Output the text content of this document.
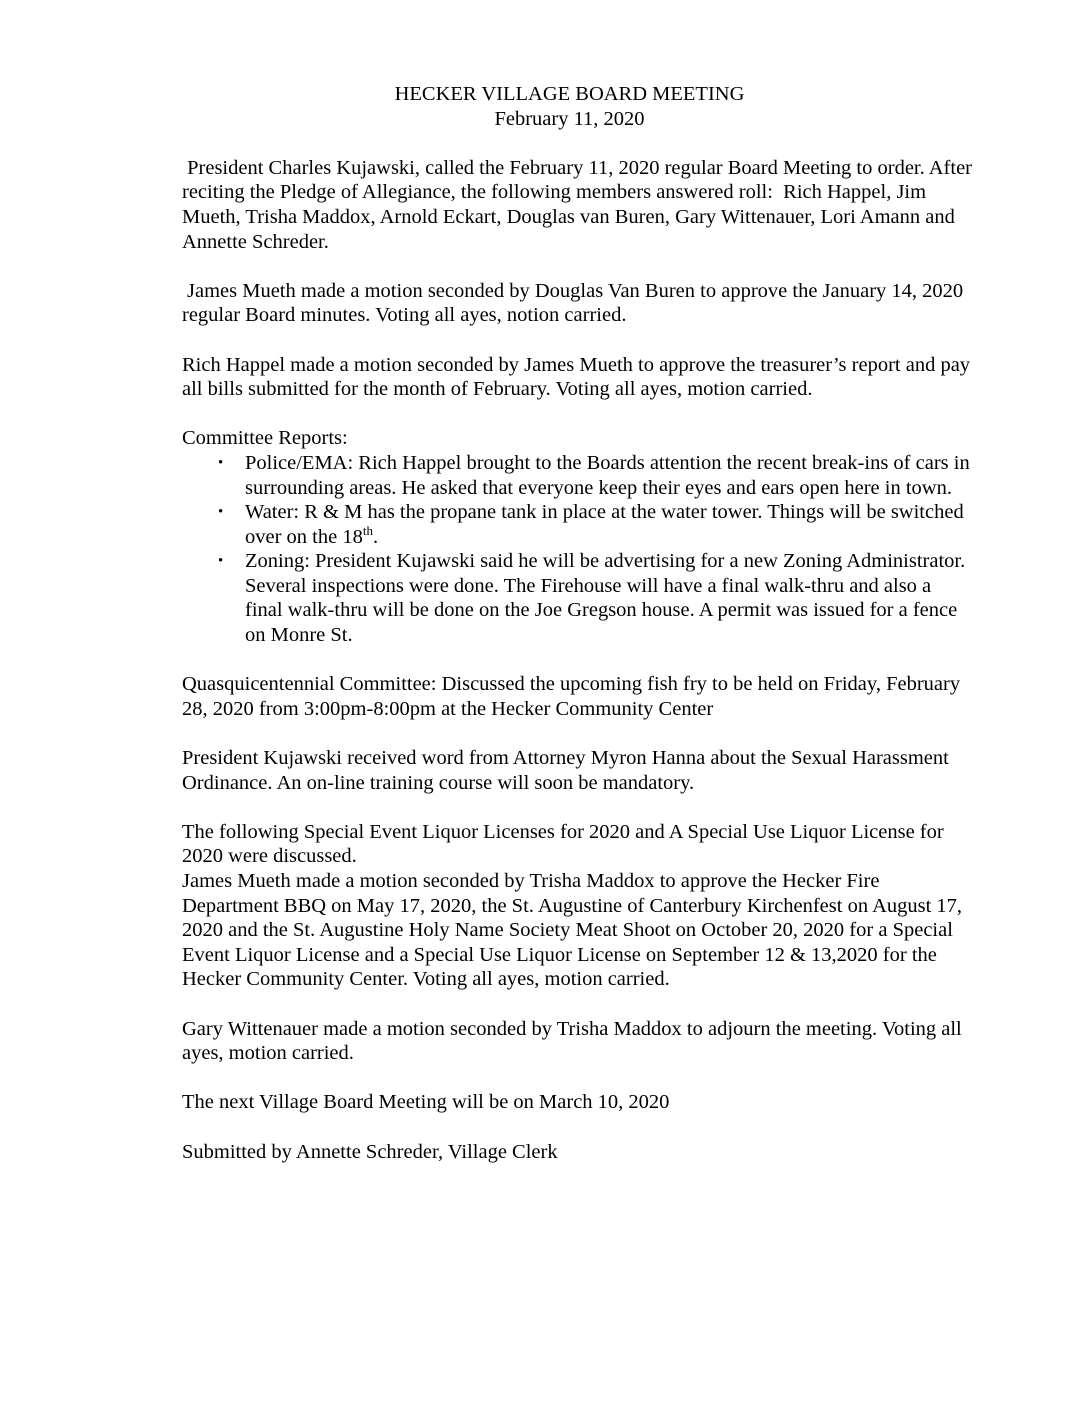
HECKER VILLAGE BOARD MEETING
February 11, 2020

President Charles Kujawski, called the February 11, 2020 regular Board Meeting to order. After reciting the Pledge of Allegiance, the following members answered roll:  Rich Happel, Jim Mueth, Trisha Maddox, Arnold Eckart, Douglas van Buren, Gary Wittenauer, Lori Amann and Annette Schreder.

James Mueth made a motion seconded by Douglas Van Buren to approve the January 14, 2020 regular Board minutes. Voting all ayes, notion carried.

Rich Happel made a motion seconded by James Mueth to approve the treasurer’s report and pay all bills submitted for the month of February. Voting all ayes, motion carried.

Committee Reports:

• Police/EMA: Rich Happel brought to the Boards attention the recent break-ins of cars in surrounding areas. He asked that everyone keep their eyes and ears open here in town.
• Water: R & M has the propane tank in place at the water tower. Things will be switched over on the 18th.
• Zoning: President Kujawski said he will be advertising for a new Zoning Administrator. Several inspections were done. The Firehouse will have a final walk-thru and also a final walk-thru will be done on the Joe Gregson house. A permit was issued for a fence on Monre St.

Quasquicentennial Committee: Discussed the upcoming fish fry to be held on Friday, February 28, 2020 from 3:00pm-8:00pm at the Hecker Community Center

President Kujawski received word from Attorney Myron Hanna about the Sexual Harassment Ordinance. An on-line training course will soon be mandatory.

The following Special Event Liquor Licenses for 2020 and A Special Use Liquor License for 2020 were discussed.

James Mueth made a motion seconded by Trisha Maddox to approve the Hecker Fire Department BBQ on May 17, 2020, the St. Augustine of Canterbury Kirchenfest on August 17, 2020 and the St. Augustine Holy Name Society Meat Shoot on October 20, 2020 for a Special Event Liquor License and a Special Use Liquor License on September 12 & 13,2020 for the Hecker Community Center. Voting all ayes, motion carried.

Gary Wittenauer made a motion seconded by Trisha Maddox to adjourn the meeting. Voting all ayes, motion carried.

The next Village Board Meeting will be on March 10, 2020

Submitted by Annette Schreder, Village Clerk
